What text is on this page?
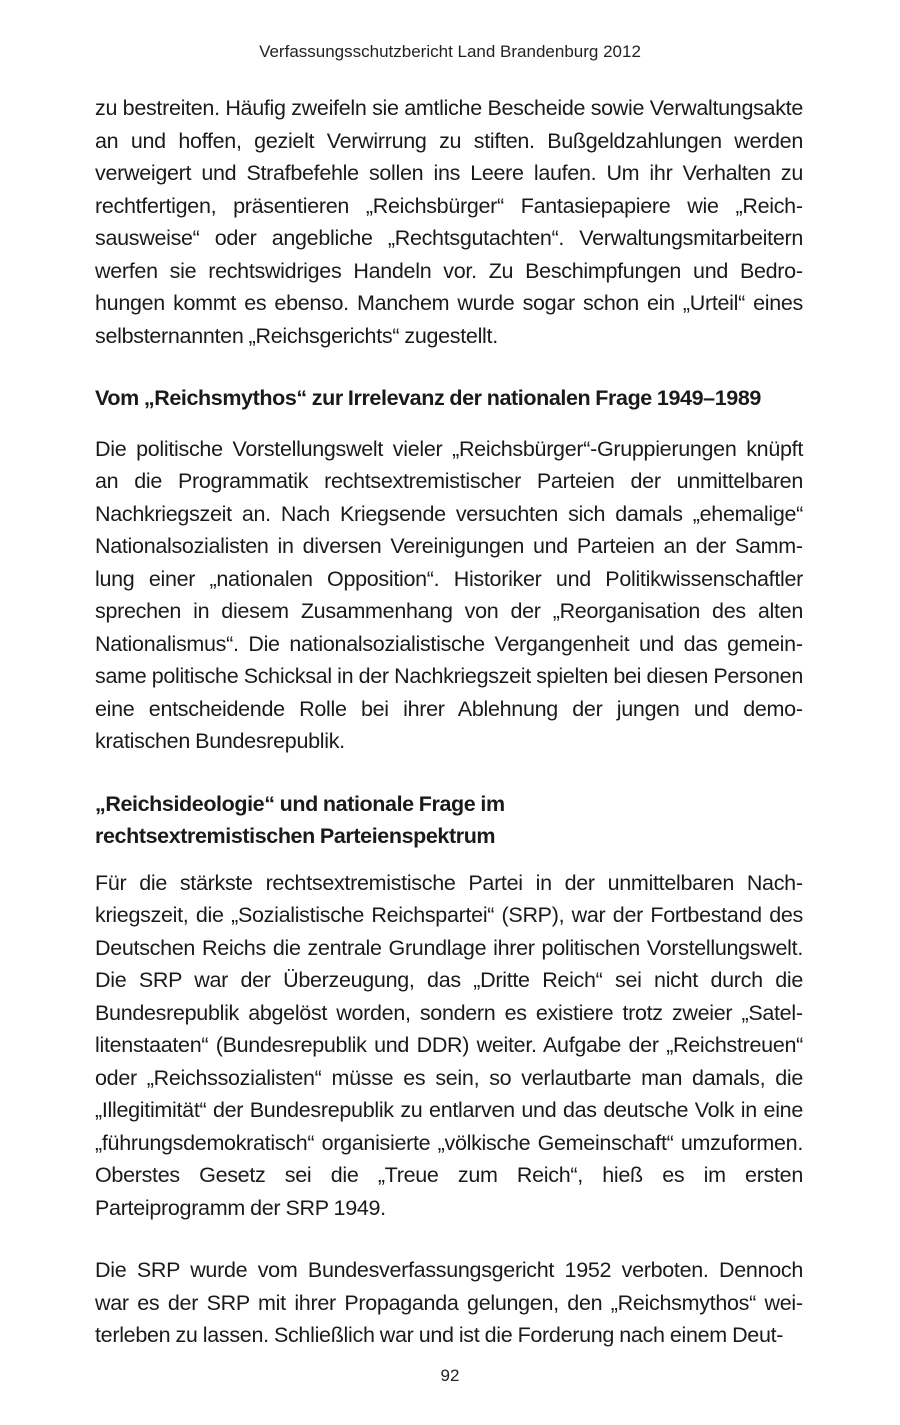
Verfassungsschutzbericht Land Brandenburg 2012

zu bestreiten. Häufig zweifeln sie amtliche Bescheide sowie Verwaltungsakte an und hoffen, gezielt Verwirrung zu stiften. Bußgeldzahlungen werden verweigert und Strafbefehle sollen ins Leere laufen. Um ihr Verhalten zu rechtfertigen, präsentieren „Reichsbürger“ Fantasiepapiere wie „Reichsausweise“ oder angebliche „Rechtsgutachten“. Verwaltungsmitarbeitern werfen sie rechtswidriges Handeln vor. Zu Beschimpfungen und Bedrohungen kommt es ebenso. Manchem wurde sogar schon ein „Urteil“ eines selbsternannten „Reichsgerichts“ zugestellt.

Vom „Reichsmythos“ zur Irrelevanz der nationalen Frage 1949–1989

Die politische Vorstellungswelt vieler „Reichsbürger“-Gruppierungen knüpft an die Programmatik rechtsextremistischer Parteien der unmittelbaren Nachkriegszeit an. Nach Kriegsende versuchten sich damals „ehemalige“ Nationalsozialisten in diversen Vereinigungen und Parteien an der Sammlung einer „nationalen Opposition“. Historiker und Politikwissenschaftler sprechen in diesem Zusammenhang von der „Reorganisation des alten Nationalismus“. Die nationalsozialistische Vergangenheit und das gemeinsame politische Schicksal in der Nachkriegszeit spielten bei diesen Personen eine entscheidende Rolle bei ihrer Ablehnung der jungen und demokratischen Bundesrepublik.

„Reichsideologie“ und nationale Frage im
rechtsextremistischen Parteienspektrum

Für die stärkste rechtsextremistische Partei in der unmittelbaren Nachkriegszeit, die „Sozialistische Reichspartei“ (SRP), war der Fortbestand des Deutschen Reichs die zentrale Grundlage ihrer politischen Vorstellungswelt. Die SRP war der Überzeugung, das „Dritte Reich“ sei nicht durch die Bundesrepublik abgelöst worden, sondern es existiere trotz zweier „Satellitenstaaten“ (Bundesrepublik und DDR) weiter. Aufgabe der „Reichstreuen“ oder „Reichssozialisten“ müsse es sein, so verlautbarte man damals, die „Illegitimität“ der Bundesrepublik zu entlarven und das deutsche Volk in eine „führungsdemokratisch“ organisierte „völkische Gemeinschaft“ umzuformen. Oberstes Gesetz sei die „Treue zum Reich“, hieß es im ersten Parteiprogramm der SRP 1949.

Die SRP wurde vom Bundesverfassungsgericht 1952 verboten. Dennoch war es der SRP mit ihrer Propaganda gelungen, den „Reichsmythos“ weiterleben zu lassen. Schließlich war und ist die Forderung nach einem Deut-

92
